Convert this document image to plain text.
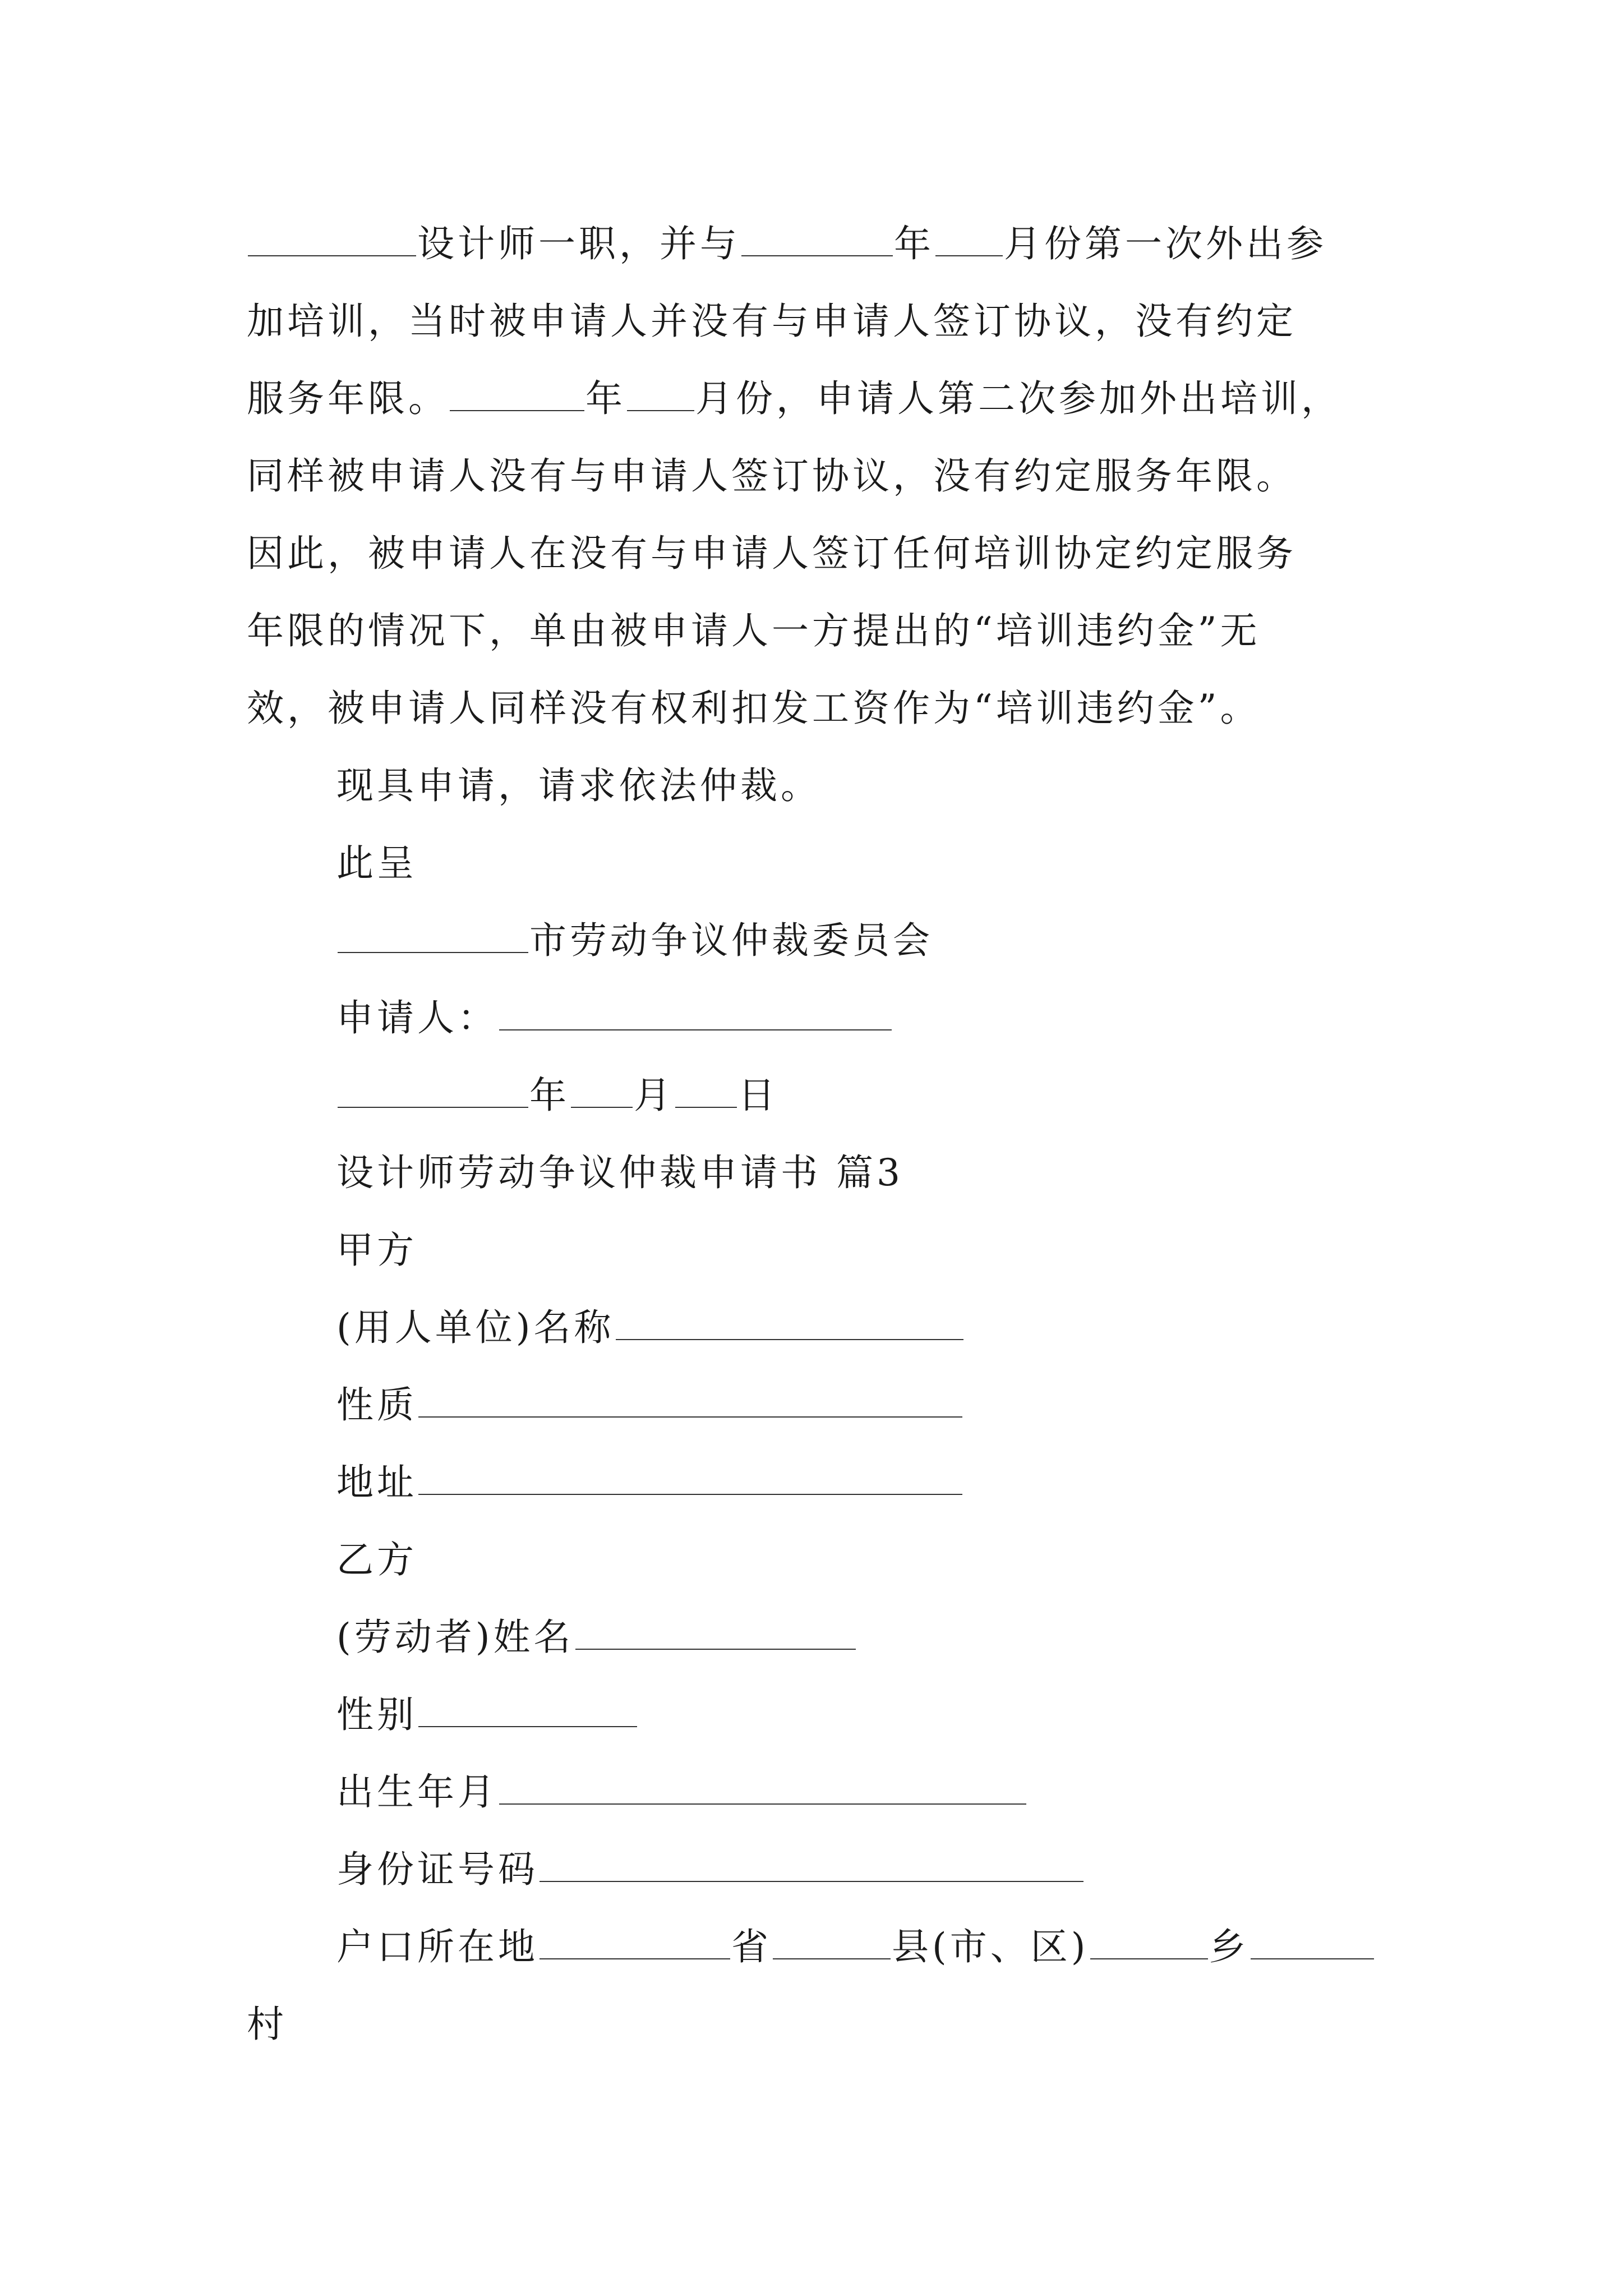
设计师一职，并与	年 月份第一次外出参
加培训，当时被申请人并没有与申请人签订协议，没有约定
服务年限。	年 月份，申请人第二次参加外出培训，
同样被申请人没有与申请人签订协议，没有约定服务年限。
因此，被申请人在没有与申请人签订任何培训协定约定服务
年限的情况下，单由被申请人一方提出的“培训违约金”无
效，被申请人同样没有权利扣发工资作为“培训违约金”。
现具申请，请求依法仲裁。
此呈
市劳动争议仲裁委员会
申请人：
年 月 日
设计师劳动争议仲裁申请书 篇3
甲方
(用人单位)名称
性质
地址
乙方
(劳动者)姓名
性别
出生年月
身份证号码
户口所在地	省	县(市、区)	乡
村
